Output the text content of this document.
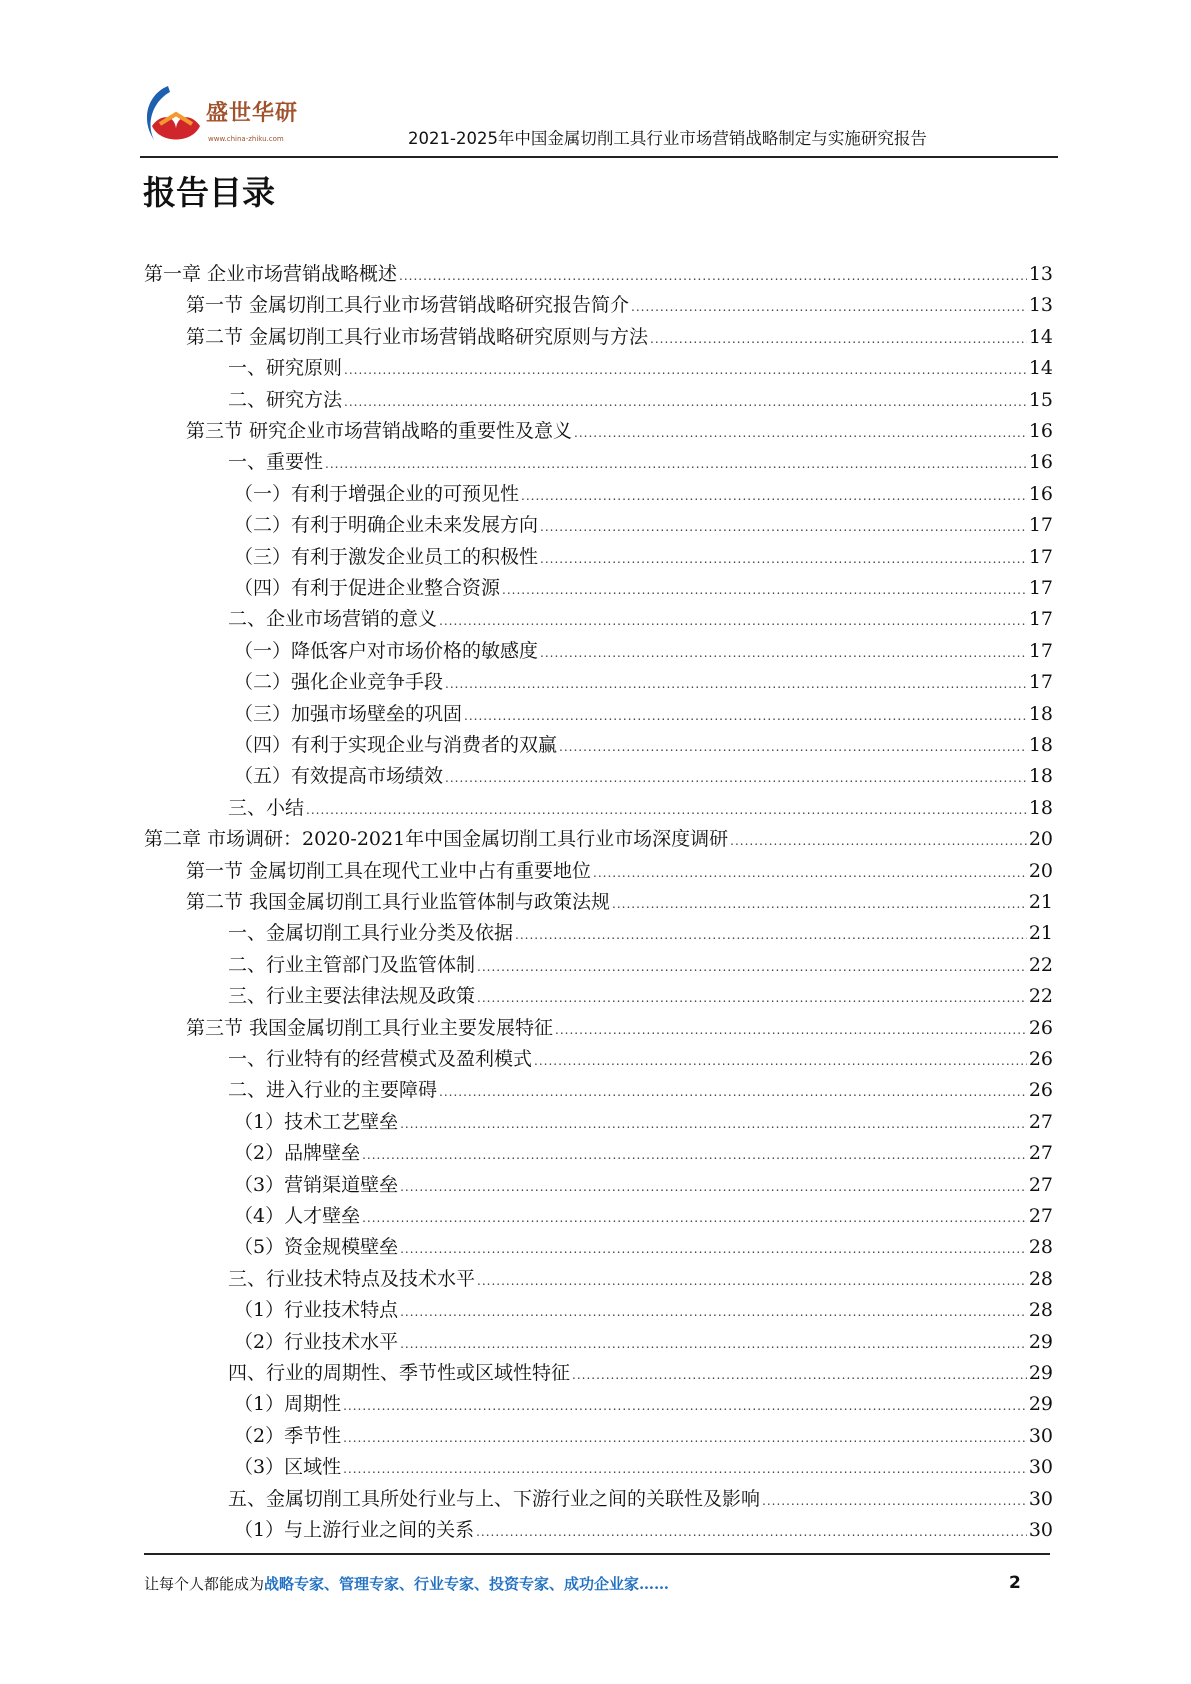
盛世华研
www.china-zhiku.com	2021-2025年中国金属切削工具行业市场营销战略制定与实施研究报告
报告目录
第一章 企业市场营销战略概述 .....	13
第一节 金属切削工具行业市场营销战略研究报告简介 .....	13
第二节 金属切削工具行业市场营销战略研究原则与方法 .....	14
一、研究原则 .....	14
二、研究方法 .....	15
第三节 研究企业市场营销战略的重要性及意义 .....	16
一、重要性 .....	16
（一）有利于增强企业的可预见性 .....	16
（二）有利于明确企业未来发展方向 .....	17
（三）有利于激发企业员工的积极性 .....	17
（四）有利于促进企业整合资源 .....	17
二、企业市场营销的意义 .....	17
（一）降低客户对市场价格的敏感度 .....	17
（二）强化企业竞争手段 .....	17
（三）加强市场壁垒的巩固 .....	18
（四）有利于实现企业与消费者的双赢 .....	18
（五）有效提高市场绩效 .....	18
三、小结 .....	18
第二章 市场调研：2020-2021年中国金属切削工具行业市场深度调研 .....	20
第一节 金属切削工具在现代工业中占有重要地位 .....	20
第二节 我国金属切削工具行业监管体制与政策法规 .....	21
一、金属切削工具行业分类及依据 .....	21
二、行业主管部门及监管体制 .....	22
三、行业主要法律法规及政策 .....	22
第三节 我国金属切削工具行业主要发展特征 .....	26
一、行业特有的经营模式及盈利模式 .....	26
二、进入行业的主要障碍 .....	26
（1）技术工艺壁垒 .....	27
（2）品牌壁垒 .....	27
（3）营销渠道壁垒 .....	27
（4）人才壁垒 .....	27
（5）资金规模壁垒 .....	28
三、行业技术特点及技术水平 .....	28
（1）行业技术特点 .....	28
（2）行业技术水平 .....	29
四、行业的周期性、季节性或区域性特征 .....	29
（1）周期性 .....	29
（2）季节性 .....	30
（3）区域性 .....	30
五、金属切削工具所处行业与上、下游行业之间的关联性及影响 .....	30
（1）与上游行业之间的关系 .....	30
让每个人都能成为战略专家、管理专家、行业专家、投资专家、成功企业家……	2
